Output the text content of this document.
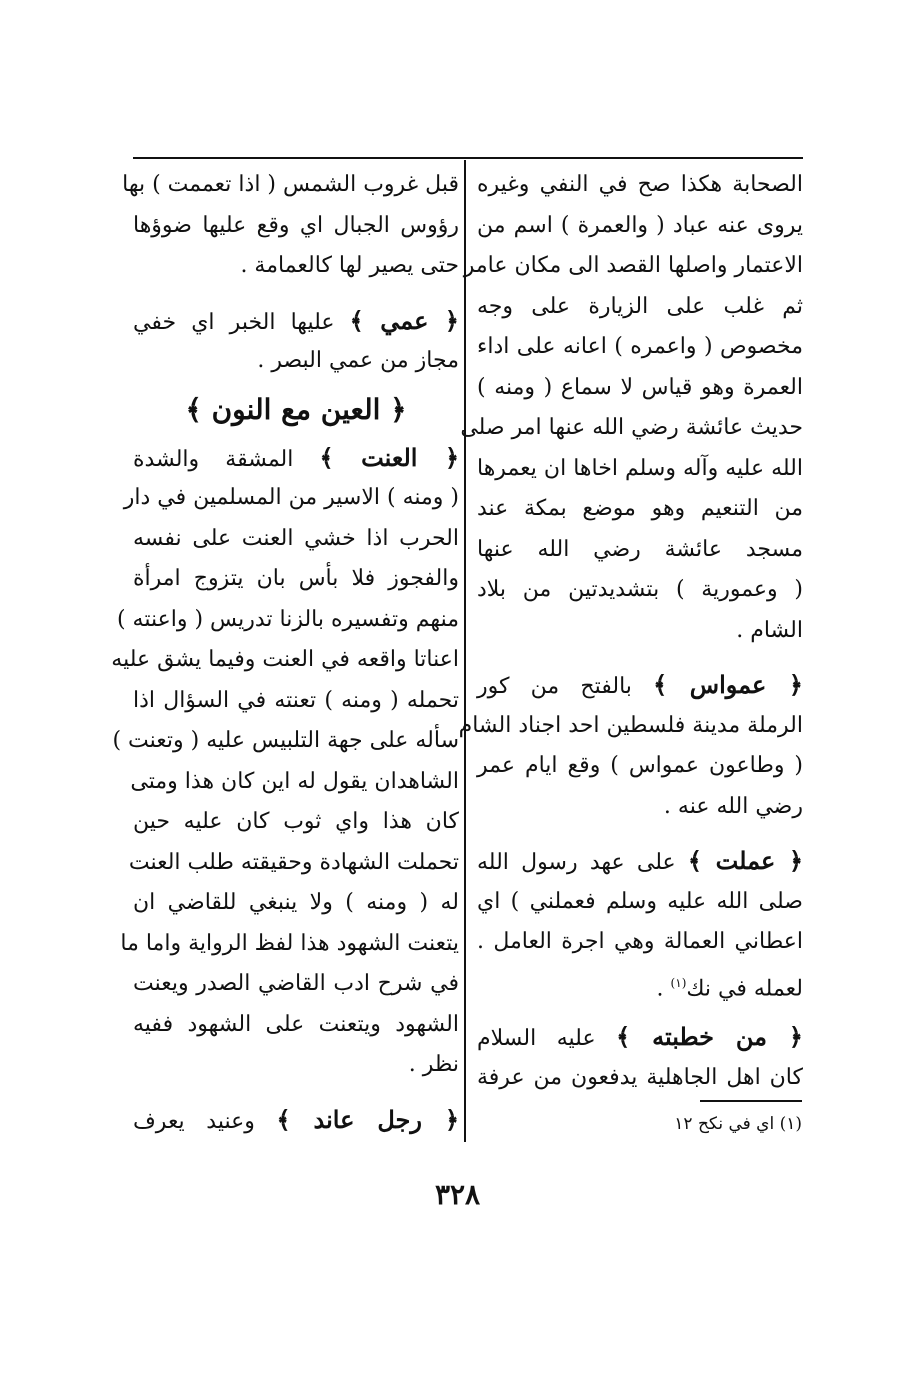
الصحابة هكذا صح في النفي وغيره
يروى عنه عباد ( والعمرة ) اسم من
الاعتمار واصلها القصد الى مكان عامر
ثم غلب على الزيارة على وجه
مخصوص ( واعمره ) اعانه على اداء
العمرة وهو قياس لا سماع ( ومنه )
حديث عائشة رضي الله عنها امر صلى
الله عليه وآله وسلم اخاها ان يعمرها
من التنعيم وهو موضع بمكة عند
مسجد عائشة رضي الله عنها
( وعمورية ) بتشديدتين من بلاد
الشام .
﴿ عمواس ﴾ بالفتح من كور
الرملة مدينة فلسطين احد اجناد الشام
( وطاعون عمواس ) وقع ايام عمر
رضي الله عنه .
﴿ عملت ﴾ على عهد رسول الله
صلى الله عليه وسلم فعملني ) اي
اعطاني العمالة وهي اجرة العامل .
لعمله في نك$^{(١)}$ .
﴿ من خطبته ﴾ عليه السلام
كان اهل الجاهلية يدفعون من عرفة
قبل غروب الشمس ( اذا تعممت ) بها
رؤوس الجبال اي وقع عليها ضوؤها
حتى يصير لها كالعمامة .
﴿ عمي ﴾ عليها الخبر اي خفي
مجاز من عمي البصر .
﴿ العين مع النون ﴾
﴿ العنت ﴾ المشقة والشدة
( ومنه ) الاسير من المسلمين في دار
الحرب اذا خشي العنت على نفسه
والفجوز فلا بأس بان يتزوج امرأة
منهم وتفسيره بالزنا تدريس ( واعنته )
اعناتا واقعه في العنت وفيما يشق عليه
تحمله ( ومنه ) تعنته في السؤال اذا
سأله على جهة التلبيس عليه ( وتعنت )
الشاهدان يقول له اين كان هذا ومتى
كان هذا واي ثوب كان عليه حين
تحملت الشهادة وحقيقته طلب العنت
له ( ومنه ) ولا ينبغي للقاضي ان
يتعنت الشهود هذا لفظ الرواية واما ما
في شرح ادب القاضي الصدر ويعنت
الشهود ويتعنت على الشهود ففيه
نظر .
﴿ رجل عاند ﴾ وعنيد يعرف	(١) اي في نكح ١٢
٣٢٨
